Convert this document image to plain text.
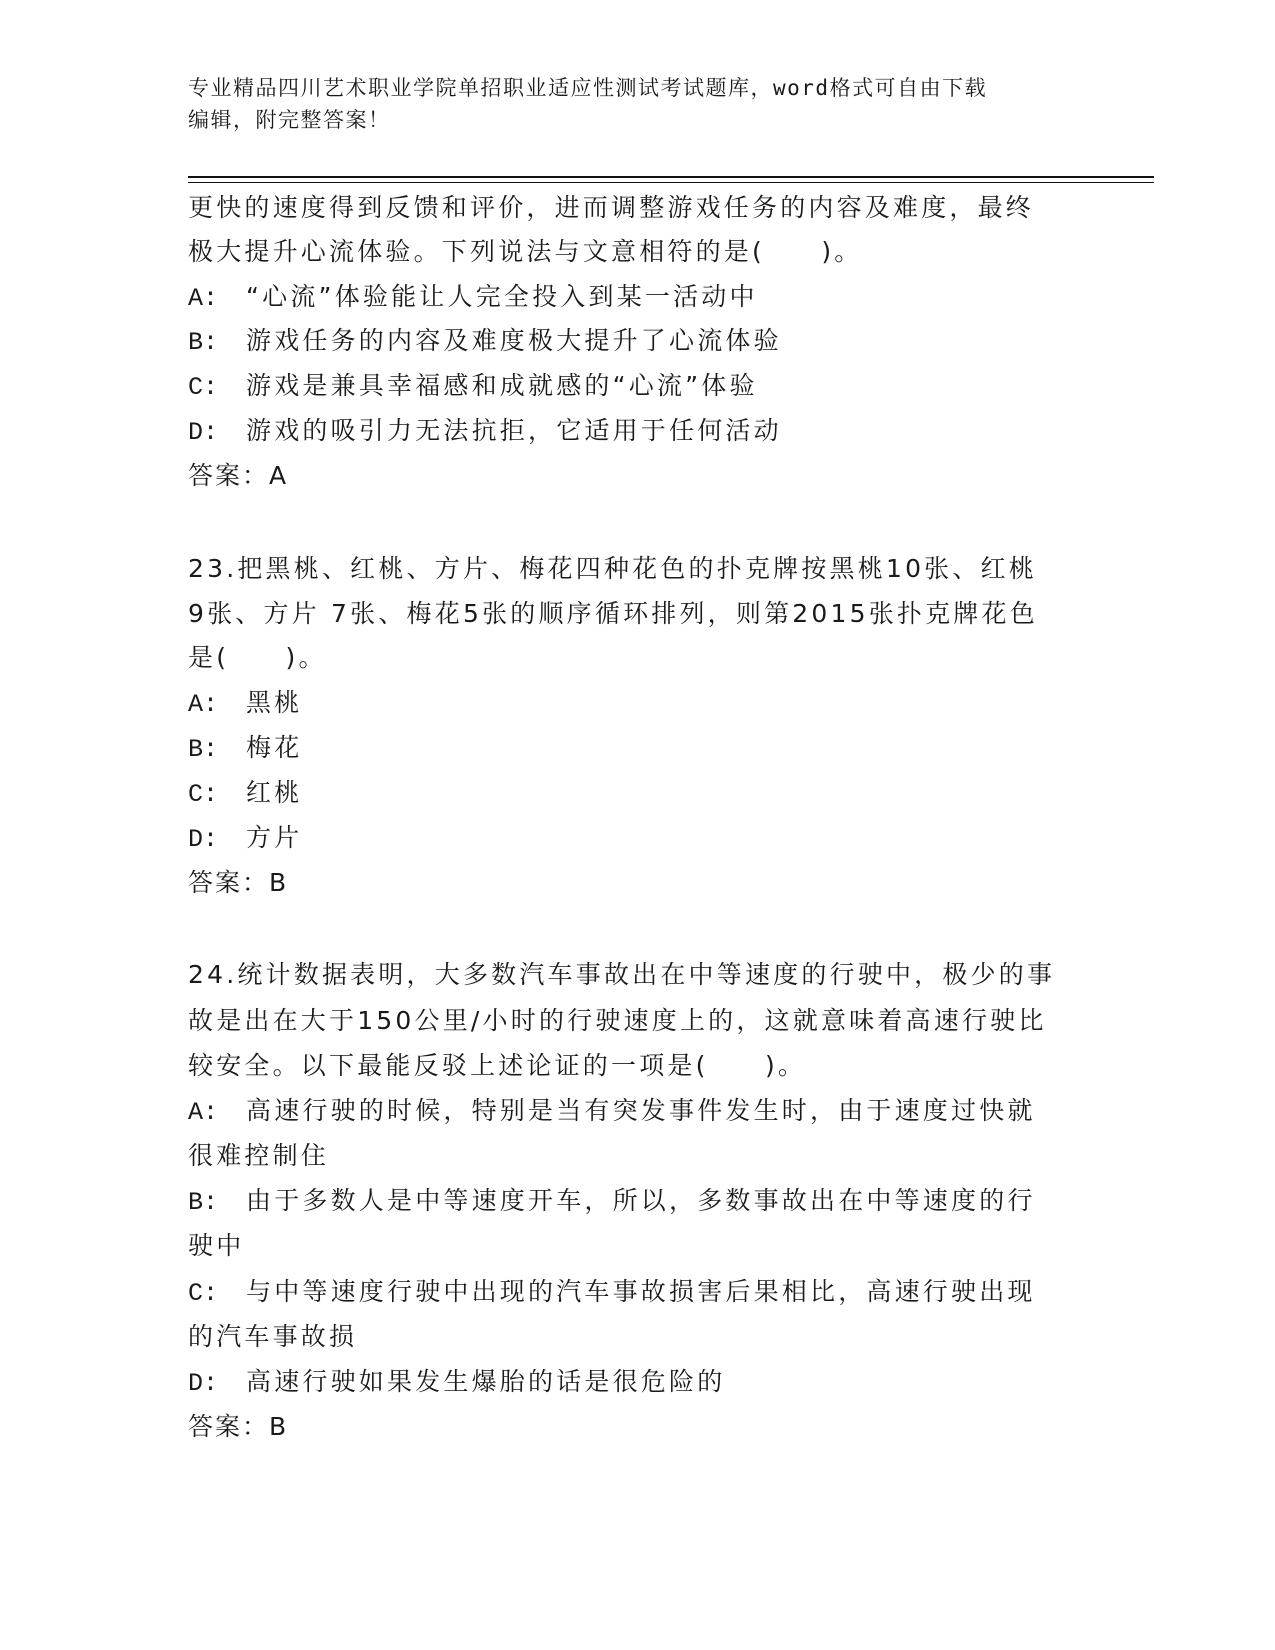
专业精品四川艺术职业学院单招职业适应性测试考试题库，word格式可自由下载
编辑，附完整答案！
更快的速度得到反馈和评价，进而调整游戏任务的内容及难度，最终
极大提升心流体验。下列说法与文意相符的是(　　)。
A: “心流”体验能让人完全投入到某一活动中
B: 游戏任务的内容及难度极大提升了心流体验
C: 游戏是兼具幸福感和成就感的“心流”体验
D: 游戏的吸引力无法抗拒，它适用于任何活动
答案：A
23.把黑桃、红桃、方片、梅花四种花色的扑克牌按黑桃10张、红桃
9张、方片 7张、梅花5张的顺序循环排列，则第2015张扑克牌花色
是(　　)。
A: 黑桃
B: 梅花
C: 红桃
D: 方片
答案：B
24.统计数据表明，大多数汽车事故出在中等速度的行驶中，极少的事
故是出在大于150公里/小时的行驶速度上的，这就意味着高速行驶比
较安全。以下最能反驳上述论证的一项是(　　)。
A: 高速行驶的时候，特别是当有突发事件发生时，由于速度过快就
很难控制住
B: 由于多数人是中等速度开车，所以，多数事故出在中等速度的行
驶中
C: 与中等速度行驶中出现的汽车事故损害后果相比，高速行驶出现
的汽车事故损
D: 高速行驶如果发生爆胎的话是很危险的
答案：B
